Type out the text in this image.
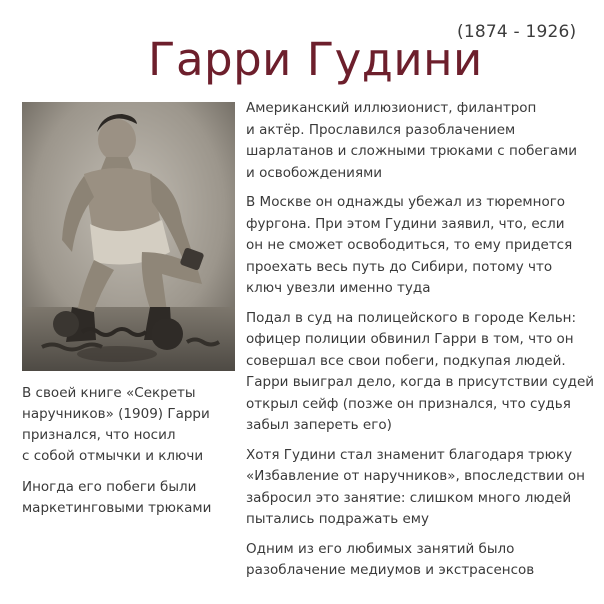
(1874 - 1926)
Гарри Гудини

В своей книге «Секреты
наручников» (1909) Гарри
признался, что носил
с собой отмычки и ключи

Иногда его побеги были
маркетинговыми трюками

Американский иллюзионист, филантроп
и актёр. Прославился разоблачением
шарлатанов и сложными трюками с побегами
и освобождениями

В Москве он однажды убежал из тюремного
фургона. При этом Гудини заявил, что, если
он не сможет освободиться, то ему придется
проехать весь путь до Сибири, потому что
ключ увезли именно туда

Подал в суд на полицейского в городе Кельн:
офицер полиции обвинил Гарри в том, что он
совершал все свои побеги, подкупая людей.
Гарри выиграл дело, когда в присутствии судей
открыл сейф (позже он признался, что судья
забыл запереть его)

Хотя Гудини стал знаменит благодаря трюку
«Избавление от наручников», впоследствии он
забросил это занятие: слишком много людей
пытались подражать ему

Одним из его любимых занятий было
разоблачение медиумов и экстрасенсов
